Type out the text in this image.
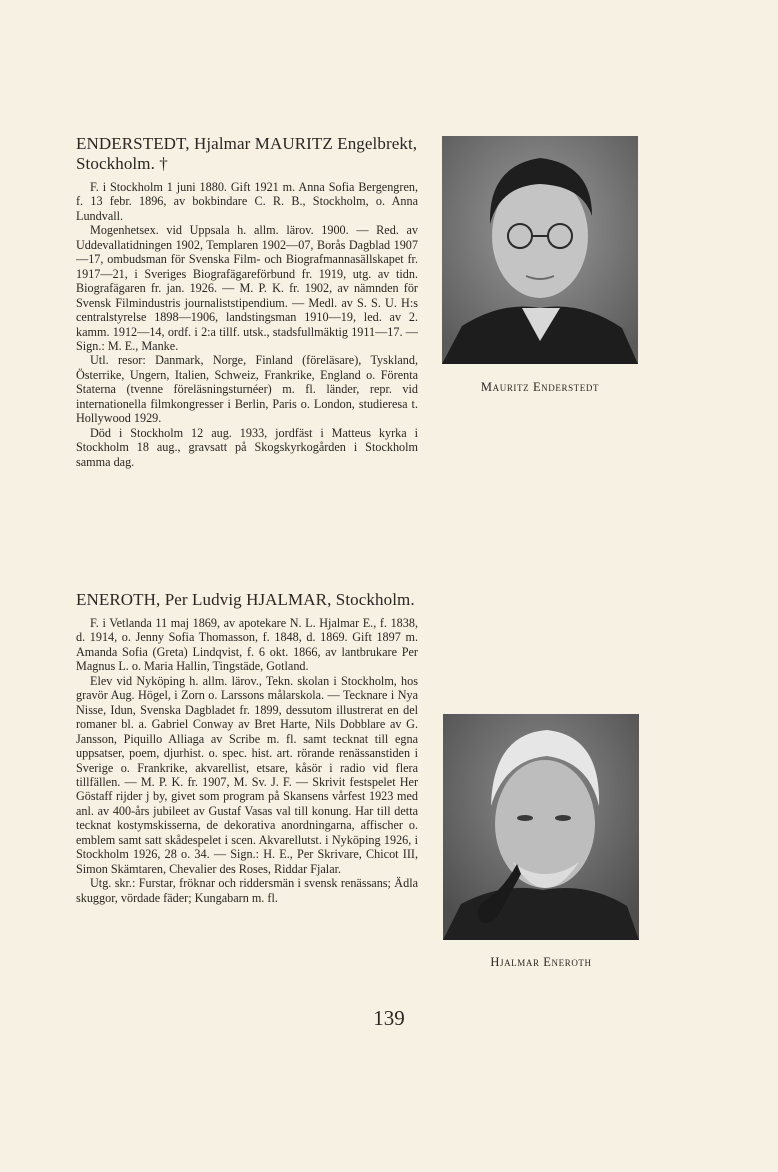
ENDERSTEDT, Hjalmar MAURITZ Engelbrekt, Stockholm. †

F. i Stockholm 1 juni 1880. Gift 1921 m. Anna Sofia Bergengren, f. 13 febr. 1896, av bokbindare C. R. B., Stockholm, o. Anna Lundvall.

Mogenhetsex. vid Uppsala h. allm. lärov. 1900. — Red. av Uddevallatidningen 1902, Templaren 1902—07, Borås Dagblad 1907—17, ombudsman för Svenska Film- och Biografmannasällskapet fr. 1917—21, i Sveriges Biografägareförbund fr. 1919, utg. av tidn. Biografägaren fr. jan. 1926. — M. P. K. fr. 1902, av nämnden för Svensk Filmindustris journaliststipendium. — Medl. av S. S. U. H:s centralstyrelse 1898—1906, landstingsman 1910—19, led. av 2. kamm. 1912—14, ordf. i 2:a tillf. utsk., stadsfullmäktig 1911—17. — Sign.: M. E., Manke.

Utl. resor: Danmark, Norge, Finland (föreläsare), Tyskland, Österrike, Ungern, Italien, Schweiz, Frankrike, England o. Förenta Staterna (tvenne föreläsningsturnéer) m. fl. länder, repr. vid internationella filmkongresser i Berlin, Paris o. London, studieresa t. Hollywood 1929.

Död i Stockholm 12 aug. 1933, jordfäst i Matteus kyrka i Stockholm 18 aug., gravsatt på Skogskyrkogården i Stockholm samma dag.

Mauritz Enderstedt
ENEROTH, Per Ludvig HJALMAR, Stockholm.

F. i Vetlanda 11 maj 1869, av apotekare N. L. Hjalmar E., f. 1838, d. 1914, o. Jenny Sofia Thomasson, f. 1848, d. 1869. Gift 1897 m. Amanda Sofia (Greta) Lindqvist, f. 6 okt. 1866, av lantbrukare Per Magnus L. o. Maria Hallin, Tingstäde, Gotland.

Elev vid Nyköping h. allm. lärov., Tekn. skolan i Stockholm, hos gravör Aug. Högel, i Zorn o. Larssons målarskola. — Tecknare i Nya Nisse, Idun, Svenska Dagbladet fr. 1899, dessutom illustrerat en del romaner bl. a. Gabriel Conway av Bret Harte, Nils Dobblare av G. Jansson, Piquillo Alliaga av Scribe m. fl. samt tecknat till egna uppsatser, poem, djurhist. o. spec. hist. art. rörande renässanstiden i Sverige o. Frankrike, akvarellist, etsare, kåsör i radio vid flera tillfällen. — M. P. K. fr. 1907, M. Sv. J. F. — Skrivit festspelet Her Göstaff rijder j by, givet som program på Skansens vårfest 1923 med anl. av 400-års jubileet av Gustaf Vasas val till konung. Har till detta tecknat kostymskisserna, de dekorativa anordningarna, affischer o. emblem samt satt skådespelet i scen. Akvarellutst. i Nyköping 1926, i Stockholm 1926, 28 o. 34. — Sign.: H. E., Per Skrivare, Chicot III, Simon Skämtaren, Chevalier des Roses, Riddar Fjalar.

Utg. skr.: Furstar, fröknar och riddersmän i svensk renässans; Ädla skuggor, vördade fäder; Kungabarn m. fl.

Hjalmar Eneroth
139
